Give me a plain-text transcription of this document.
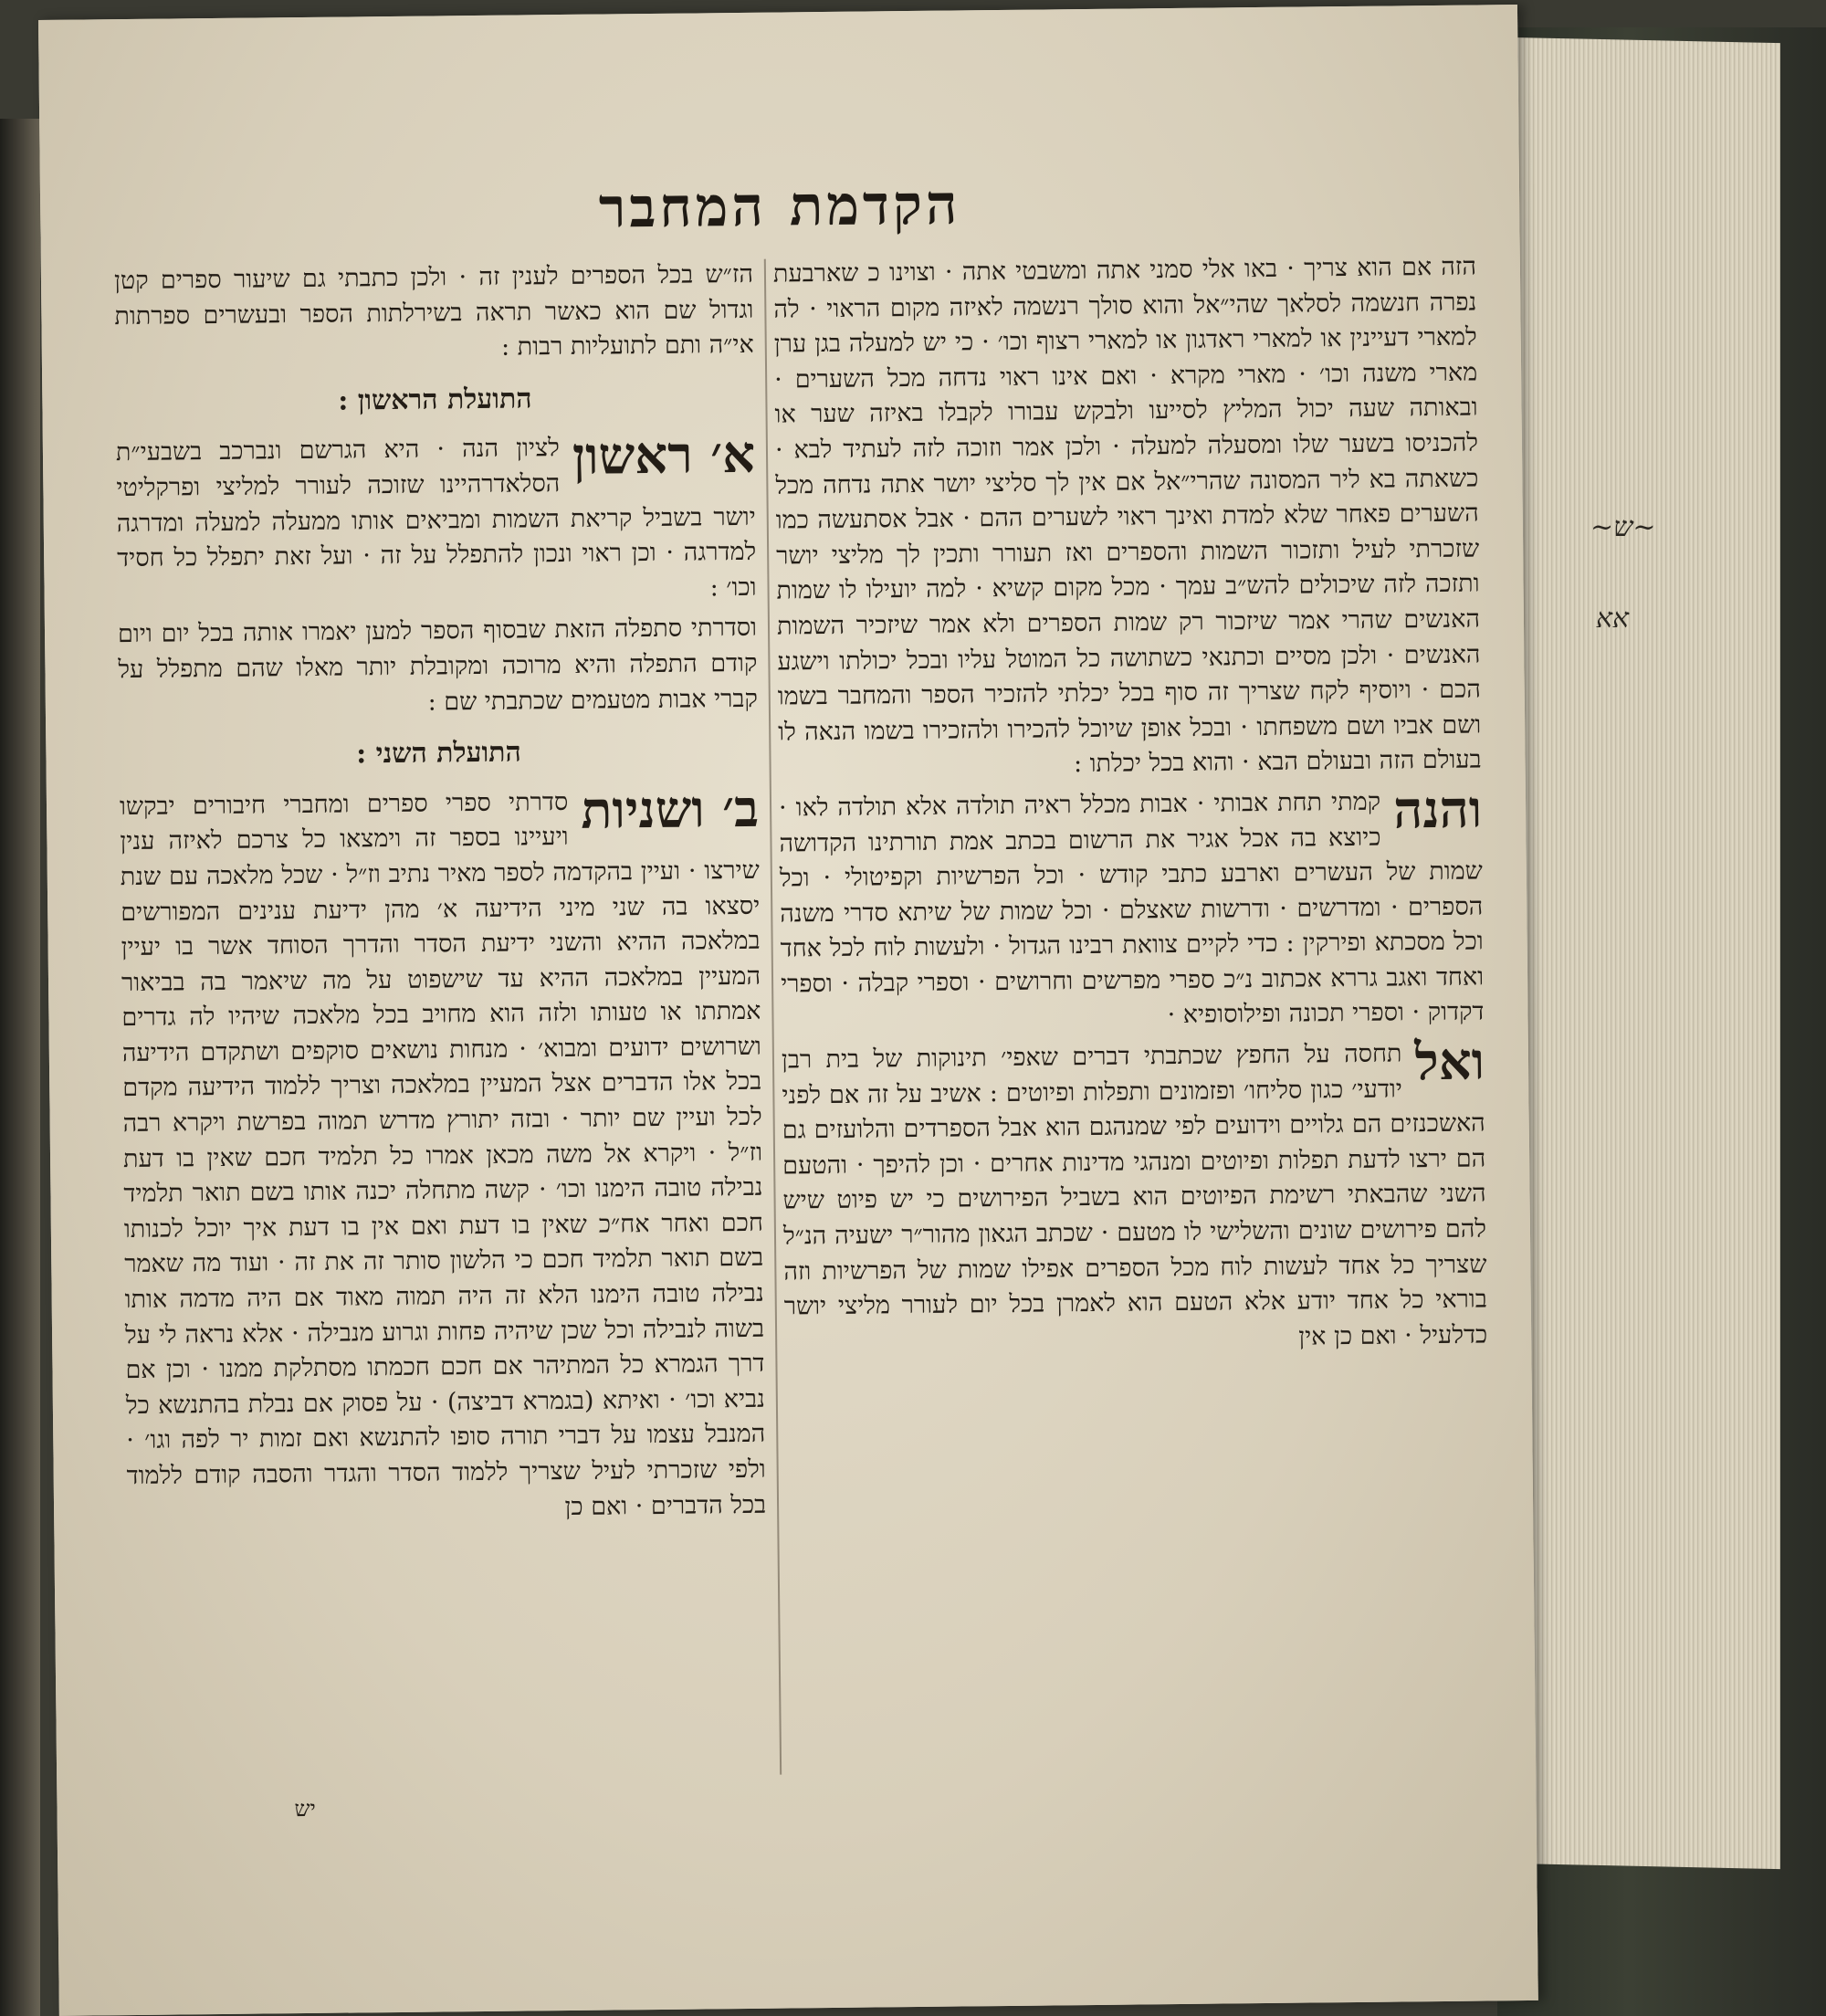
~ש~
אא
הקדמת המחבר

הזה אם הוא צריך · באו אלי סמני אתה ומשבטי אתה · וצוינו כ שארבעת נפרה חנשמה לסלאך שהי״אל והוא סולך רנשמה לאיזה מקום הראוי · לה למארי דעיינין או למארי ראדגון או למארי רצוף וכו׳ · כי יש למעלה בגן ערן מארי משנה וכו׳ · מארי מקרא · ואם אינו ראוי נדחה מכל השערים · ובאותה שעה יכול המליץ לסייעו ולבקש עבורו לקבלו באיזה שער או להכניסו בשער שלו ומסעלה למעלה · ולכן אמר וזוכה לזה לעתיד לבא · כשאתה בא ליר המסונה שהרי״אל אם אין לך סליצי יושר אתה נדחה מכל השערים פאחר שלא למדת ואינך ראוי לשערים ההם · אבל אסתעשה כמו שזכרתי לעיל ותזכור השמות והספרים ואז תעורר ותכין לך מליצי יושר ותזכה לזה שיכולים להש״ב עמך · מכל מקום קשיא · למה יועילו לו שמות האנשים שהרי אמר שיזכור רק שמות הספרים ולא אמר שיזכיר השמות האנשים · ולכן מסיים וכתנאי כשתושה כל המוטל עליו ובכל יכולתו וישגע הכם · ויוסיף לקח שצריך זה סוף בכל יכלתי להזכיר הספר והמחבר בשמו ושם אביו ושם משפחתו · ובכל אופן שיוכל להכירו ולהזכירו בשמו הנאה לו בעולם הזה ובעולם הבא · והוא בכל יכלתו :

והנה
קמתי תחת אבותי · אבות מכלל ראיה תולדה אלא תולדה לאו · כיוצא בה אכל אגיר את הרשום בכתב אמת תורתינו הקדושה שמות של העשרים וארבע כתבי קודש · וכל הפרשיות וקפיטולי · וכל הספרים · ומדרשים · ודרשות שאצלם · וכל שמות של שיתא סדרי משנה וכל מסכתא ופירקין : כדי לקיים צוואת רבינו הגדול · ולעשות לוח לכל אחד ואחד ואגב גררא אכתוב נ״כ ספרי מפרשים וחרושים · וספרי קבלה · וספרי דקדוק · וספרי תכונה ופילוסופיא ·

ואל
תחסה על החפץ שכתבתי דברים שאפי׳ תינוקות של בית רבן יודעי׳ כגון סליחו׳ ופזמונים ותפלות ופיוטים : אשיב על זה אם לפני האשכנזים הם גלויים וידועים לפי שמנהגם הוא אבל הספרדים והלועזים גם הם ירצו לדעת תפלות ופיוטים ומנהגי מדינות אחרים · וכן להיפך · והטעם השני שהבאתי רשימת הפיוטים הוא בשביל הפירושים כי יש פיוט שיש להם פירושים שונים והשלישי לו מטעם · שכתב הגאון מהור״ר ישעיה הנ״ל שצריך כל אחד לעשות לוח מכל הספרים אפילו שמות של הפרשיות וזה בוראי כל אחד יודע אלא הטעם הוא לאמרן בכל יום לעורר מליצי יושר כדלעיל · ואם כן אין

הז״ש בכל הספרים לענין זה · ולכן כתבתי גם שיעור ספרים קטן וגדול שם הוא כאשר תראה בשירלתות הספר ובעשרים ספרתות אי״ה ותם לתועליות רבות :

התועלת הראשון :

א׳ ראשון
לציון הנה · היא הגרשם ונברכב בשבעי״ת הסלאדרהיינו שזוכה לעורר למליצי ופרקליטי יושר בשביל קריאת השמות ומביאים אותו ממעלה למעלה ומדרגה למדרגה · וכן ראוי ונכון להתפלל על זה · ועל זאת יתפלל כל חסיד וכו׳ :

וסדרתי סתפלה הזאת שבסוף הספר למען יאמרו אותה בכל יום ויום קודם התפלה והיא מרוכה ומקובלת יותר מאלו שהם מתפלל על קברי אבות מטעמים שכתבתי שם :

התועלת השני :

ב׳ ושניות
סדרתי ספרי ספרים ומחברי חיבורים יבקשו ויעיינו בספר זה וימצאו כל צרכם לאיזה ענין שירצו · ועיין בהקדמה לספר מאיר נתיב וז״ל · שכל מלאכה עם שנת יסצאו בה שני מיני הידיעה א׳ מהן ידיעת ענינים המפורשים במלאכה ההיא והשני ידיעת הסדר והדרך הסוחד אשר בו יעיין המעיין במלאכה ההיא עד שישפוט על מה שיאמר בה בביאור אמתתו או טעותו ולזה הוא מחויב בכל מלאכה שיהיו לה גדרים ושרושים ידועים ומבוא׳ · מנחות נושאים סוקפים ושתקדם הידיעה בכל אלו הדברים אצל המעיין במלאכה וצריך ללמוד הידיעה מקדם לכל ועיין שם יותר · ובזה יתורץ מדרש תמוה בפרשת ויקרא רבה וז״ל · ויקרא אל משה מכאן אמרו כל תלמיד חכם שאין בו דעת נבילה טובה הימנו וכו׳ · קשה מתחלה יכנה אותו בשם תואר תלמיד חכם ואחר אח״כ שאין בו דעת ואם אין בו דעת איך יוכל לכנותו בשם תואר תלמיד חכם כי הלשון סותר זה את זה · ועוד מה שאמר נבילה טובה הימנו הלא זה היה תמוה מאוד אם היה מדמה אותו בשוה לנבילה וכל שכן שיהיה פחות וגרוע מנבילה · אלא נראה לי על דרך הגמרא כל המתיהר אם חכם חכמתו מסתלקת ממנו · וכן אם נביא וכו׳ · ואיתא (בגמרא דביצה) · על פסוק אם נבלת בהתנשא כל המנבל עצמו על דברי תורה סופו להתנשא ואם זמות יר לפה וגו׳ · ולפי שזכרתי לעיל שצריך ללמוד הסדר והגדר והסבה קודם ללמוד בכל הדברים · ואם כן

יש
